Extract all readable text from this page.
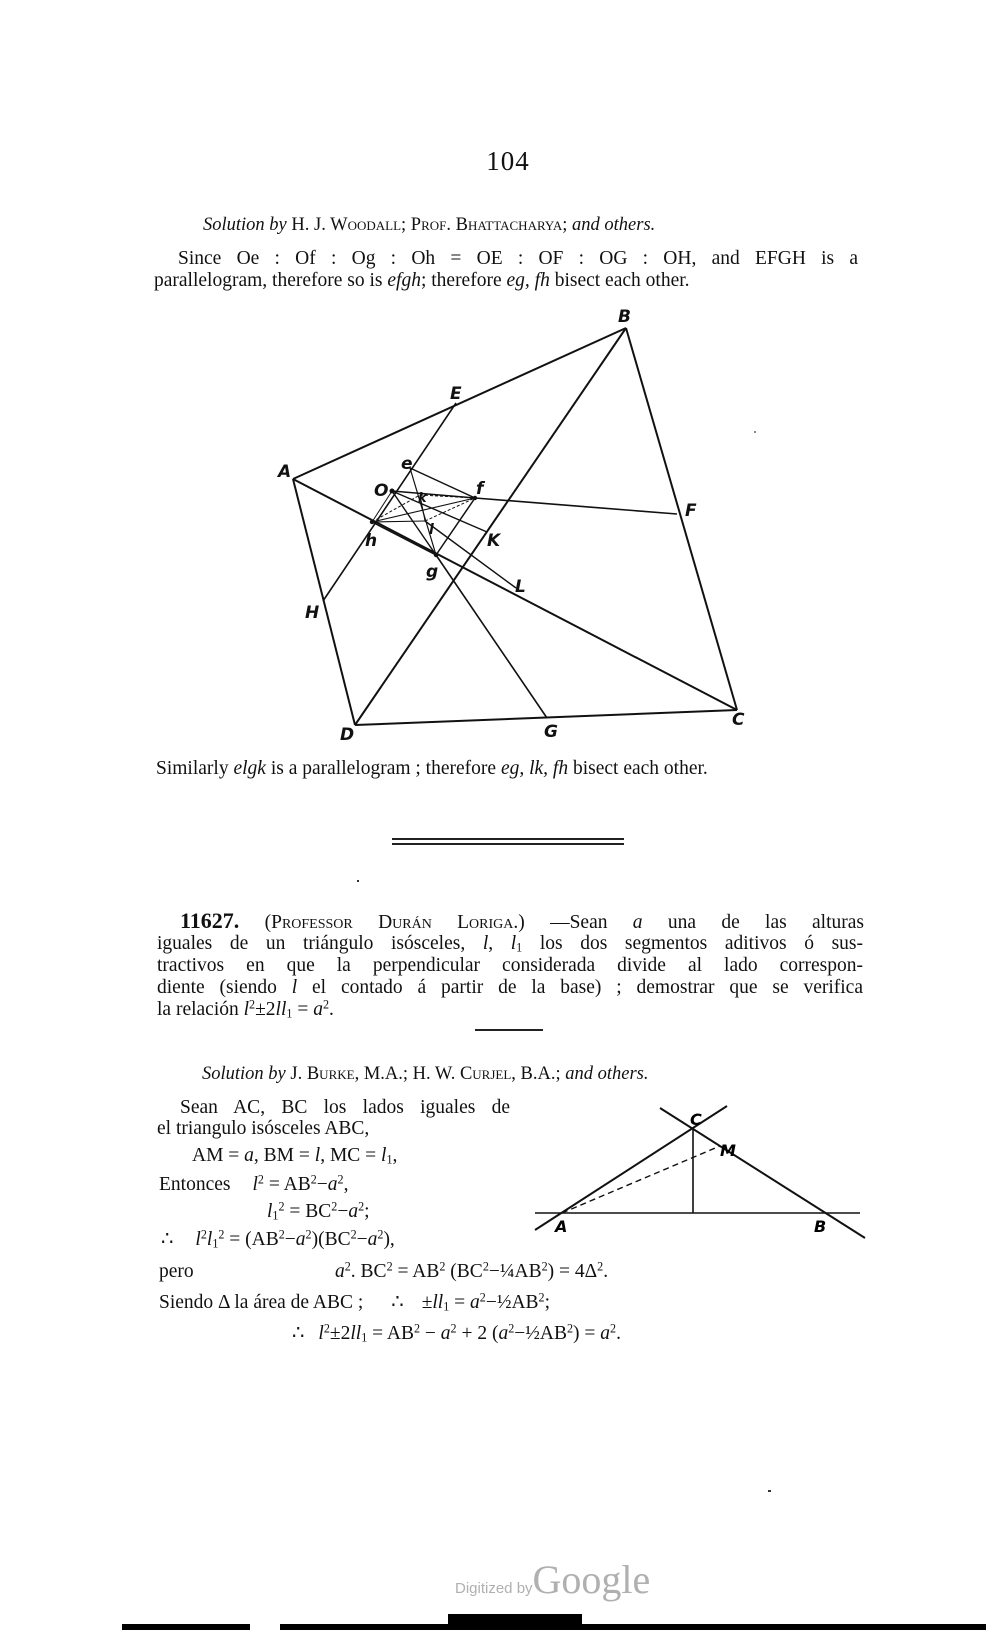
104
Solution by H. J. Woodall; Prof. Bhattacharya; and others.
Since Oe : Of : Og : Oh = OE : OF : OG : OH, and EFGH is a
parallelogram, therefore so is efgh; therefore eg, fh bisect each other.
B
E
A	e
O	f
k
l
h
g
F
K
L
H
D	G
C
Similarly elgk is a parallelogram ; therefore eg, lk, fh bisect each other.
11627. (Professor Durán Loriga.) —Sean a una de las alturas
iguales de un triángulo isósceles, l, $l_1$ los dos segmentos aditivos ó sus-
tractivos en que la perpendicular considerada divide al lado correspon-
diente (siendo l el contado á partir de la base) ; demostrar que se verifica
la relación $l^2\pm 2ll_1 = a^2$.
Solution by J. Burke, M.A.; H. W. Curjel, B.A.; and others.
Sean AC, BC los lados iguales de
el triangulo isósceles ABC,
AM = a, BM = l, MC = $l_1$,
Entonces $l^2 = AB^2-a^2$,
$l_1^2 = BC^2-a^2$;
∴ $l^2l_1^2 = (AB^2-a^2)(BC^2-a^2)$,
pero	$a^2$. $BC^2 = AB^2$ $(BC^2-\frac{1}{4}AB^2) = 4\Delta^2$.
Siendo Δ la área de ABC ; ∴ $\pm ll_1$ = $a^2-\frac{1}{2}AB^2$;
∴ $l^2\pm 2ll_1 = AB^2 - a^2 + 2$ $(a^2-\frac{1}{2}AB^2) = a^2$.
C
M
A	B
Digitized byGoogle
